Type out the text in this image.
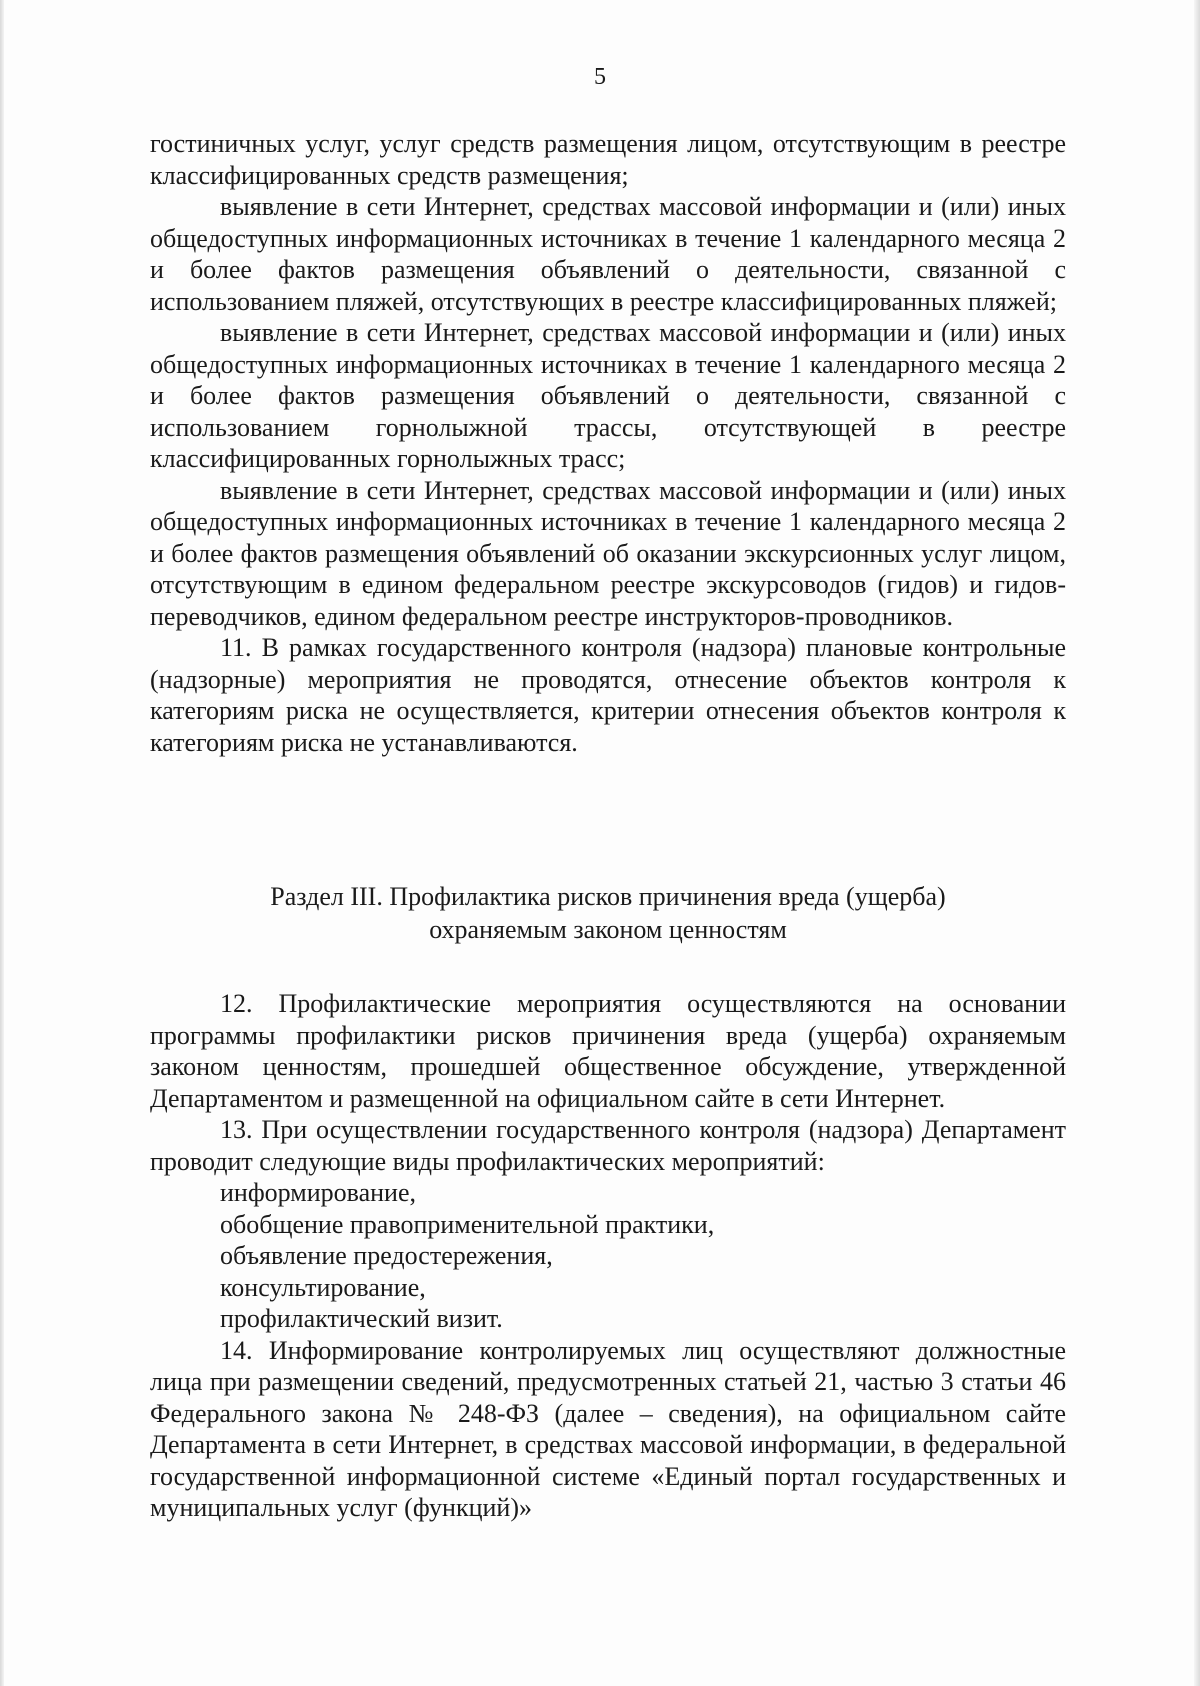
5

гостиничных услуг, услуг средств размещения лицом, отсутствующим в реестре классифицированных средств размещения;

выявление в сети Интернет, средствах массовой информации и (или) иных общедоступных информационных источниках в течение 1 календарного месяца 2 и более фактов размещения объявлений о деятельности, связанной с использованием пляжей, отсутствующих в реестре классифицированных пляжей;

выявление в сети Интернет, средствах массовой информации и (или) иных общедоступных информационных источниках в течение 1 календарного месяца 2 и более фактов размещения объявлений о деятельности, связанной с использованием горнолыжной трассы, отсутствующей в реестре классифицированных горнолыжных трасс;

выявление в сети Интернет, средствах массовой информации и (или) иных общедоступных информационных источниках в течение 1 календарного месяца 2 и более фактов размещения объявлений об оказании экскурсионных услуг лицом, отсутствующим в едином федеральном реестре экскурсоводов (гидов) и гидов-переводчиков, едином федеральном реестре инструкторов-проводников.

11. В рамках государственного контроля (надзора) плановые контрольные (надзорные) мероприятия не проводятся, отнесение объектов контроля к категориям риска не осуществляется, критерии отнесения объектов контроля к категориям риска не устанавливаются.

Раздел III. Профилактика рисков причинения вреда (ущерба)
охраняемым законом ценностям

12. Профилактические мероприятия осуществляются на основании программы профилактики рисков причинения вреда (ущерба) охраняемым законом ценностям, прошедшей общественное обсуждение, утвержденной Департаментом и размещенной на официальном сайте в сети Интернет.

13. При осуществлении государственного контроля (надзора) Департамент проводит следующие виды профилактических мероприятий:

информирование,
обобщение правоприменительной практики,
объявление предостережения,
консультирование,
профилактический визит.

14. Информирование контролируемых лиц осуществляют должностные лица при размещении сведений, предусмотренных статьей 21, частью 3 статьи 46 Федерального закона № 248-ФЗ (далее – сведения), на официальном сайте Департамента в сети Интернет, в средствах массовой информации, в федеральной государственной информационной системе «Единый портал государственных и муниципальных услуг (функций)»
